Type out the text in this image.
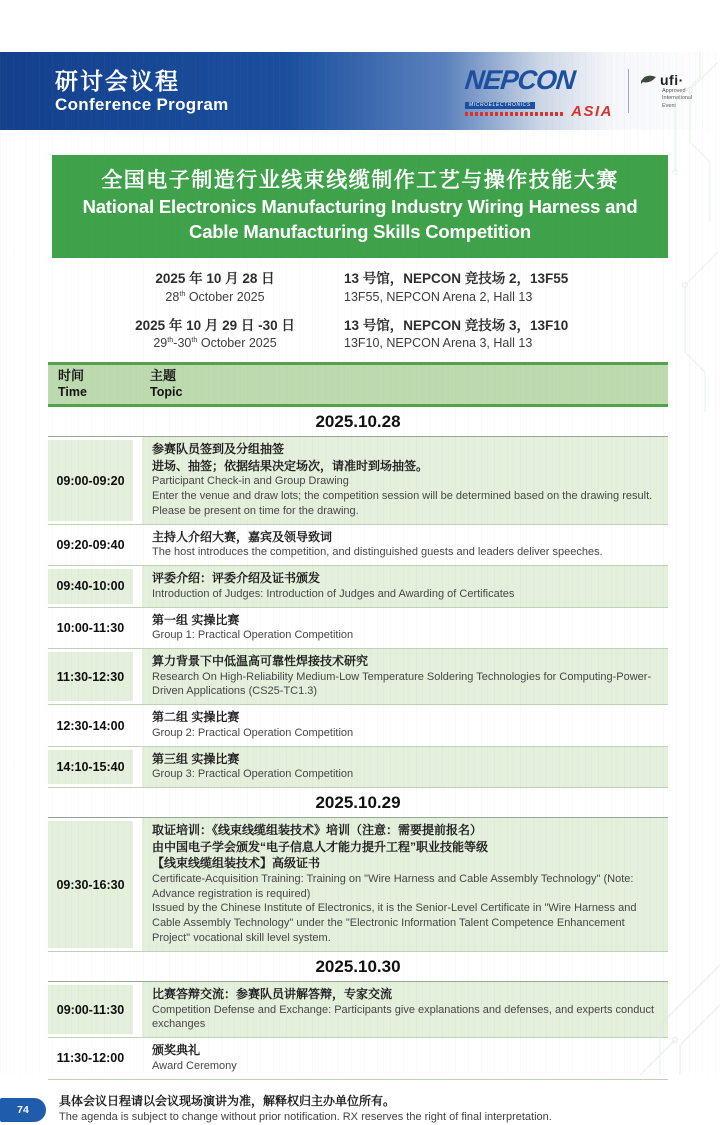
研讨会议程
Conference Program
NEPCON
MICROELECTRONICS	ASIA
ufi·
Approved International Event
全国电子制造行业线束线缆制作工艺与操作技能大赛
National Electronics Manufacturing Industry Wiring Harness and Cable Manufacturing Skills Competition
2025 年 10 月 28 日	13 号馆，NEPCON 竞技场 2，13F55
28th October 2025	13F55, NEPCON Arena 2, Hall 13
2025 年 10 月 29 日 -30 日	13 号馆，NEPCON 竞技场 3，13F10
29th-30th October 2025	13F10, NEPCON Arena 3, Hall 13
时间
Time
主题
Topic
2025.10.28
09:00-09:20
参赛队员签到及分组抽签
进场、抽签；依据结果决定场次，请准时到场抽签。
Participant Check-in and Group Drawing
Enter the venue and draw lots; the competition session will be determined based on the drawing result. Please be present on time for the drawing.
09:20-09:40
主持人介绍大赛，嘉宾及领导致词
The host introduces the competition, and distinguished guests and leaders deliver speeches.
09:40-10:00
评委介绍：评委介绍及证书颁发
Introduction of Judges: Introduction of Judges and Awarding of Certificates
10:00-11:30
第一组 实操比赛
Group 1: Practical Operation Competition
11:30-12:30
算力背景下中低温高可靠性焊接技术研究
Research On High-Reliability Medium-Low Temperature Soldering Technologies for Computing-Power-Driven Applications (CS25-TC1.3)
12:30-14:00
第二组 实操比赛
Group 2: Practical Operation Competition
14:10-15:40
第三组 实操比赛
Group 3: Practical Operation Competition
2025.10.29
09:30-16:30
取证培训：《线束线缆组装技术》培训（注意：需要提前报名）
由中国电子学会颁发“电子信息人才能力提升工程”职业技能等级
【线束线缆组装技术】高级证书
Certificate-Acquisition Training: Training on "Wire Harness and Cable Assembly Technology" (Note: Advance registration is required)
Issued by the Chinese Institute of Electronics, it is the Senior-Level Certificate in "Wire Harness and Cable Assembly Technology" under the "Electronic Information Talent Competence Enhancement Project" vocational skill level system.
2025.10.30
09:00-11:30
比赛答辩交流：参赛队员讲解答辩，专家交流
Competition Defense and Exchange: Participants give explanations and defenses, and experts conduct exchanges
11:30-12:00
颁奖典礼
Award Ceremony
74
具体会议日程请以会议现场演讲为准，解释权归主办单位所有。
The agenda is subject to change without prior notification. RX reserves the right of final interpretation.
